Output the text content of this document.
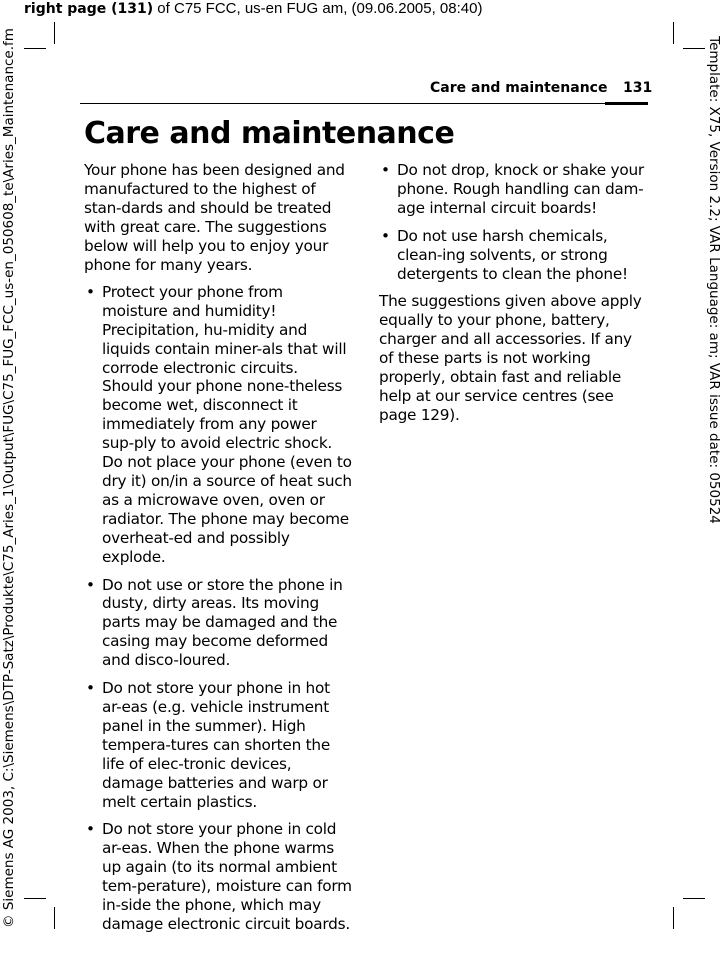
right page (131) of C75 FCC, us-en FUG am, (09.06.2005, 08:40)
© Siemens AG 2003, C:\Siemens\DTP-Satz\Produkte\C75_Aries_1\Output\FUG\C75_FUG_FCC_us-en_050608_te\Aries_Maintenance.fm	Template: X75, Version 2.2; VAR Language: am; VAR issue date: 050524
Care and maintenance 131
Care and maintenance

Your phone has been designed and manufactured to the highest of stan-dards and should be treated with great care. The suggestions below will help you to enjoy your phone for many years.

• Protect your phone from moisture and humidity! Precipitation, hu-midity and liquids contain miner-als that will corrode electronic circuits. Should your phone none-theless become wet, disconnect it immediately from any power sup-ply to avoid electric shock. Do not place your phone (even to dry it) on/in a source of heat such as a microwave oven, oven or radiator. The phone may become overheat-ed and possibly explode.
• Do not use or store the phone in dusty, dirty areas. Its moving parts may be damaged and the casing may become deformed and disco-loured.
• Do not store your phone in hot ar-eas (e.g. vehicle instrument panel in the summer). High tempera-tures can shorten the life of elec-tronic devices, damage batteries and warp or melt certain plastics.
• Do not store your phone in cold ar-eas. When the phone warms up again (to its normal ambient tem-perature), moisture can form in-side the phone, which may damage electronic circuit boards.
• Do not drop, knock or shake your phone. Rough handling can dam-age internal circuit boards!
• Do not use harsh chemicals, clean-ing solvents, or strong detergents to clean the phone!

The suggestions given above apply equally to your phone, battery, charger and all accessories. If any of these parts is not working properly, obtain fast and reliable help at our service centres (see page 129).
